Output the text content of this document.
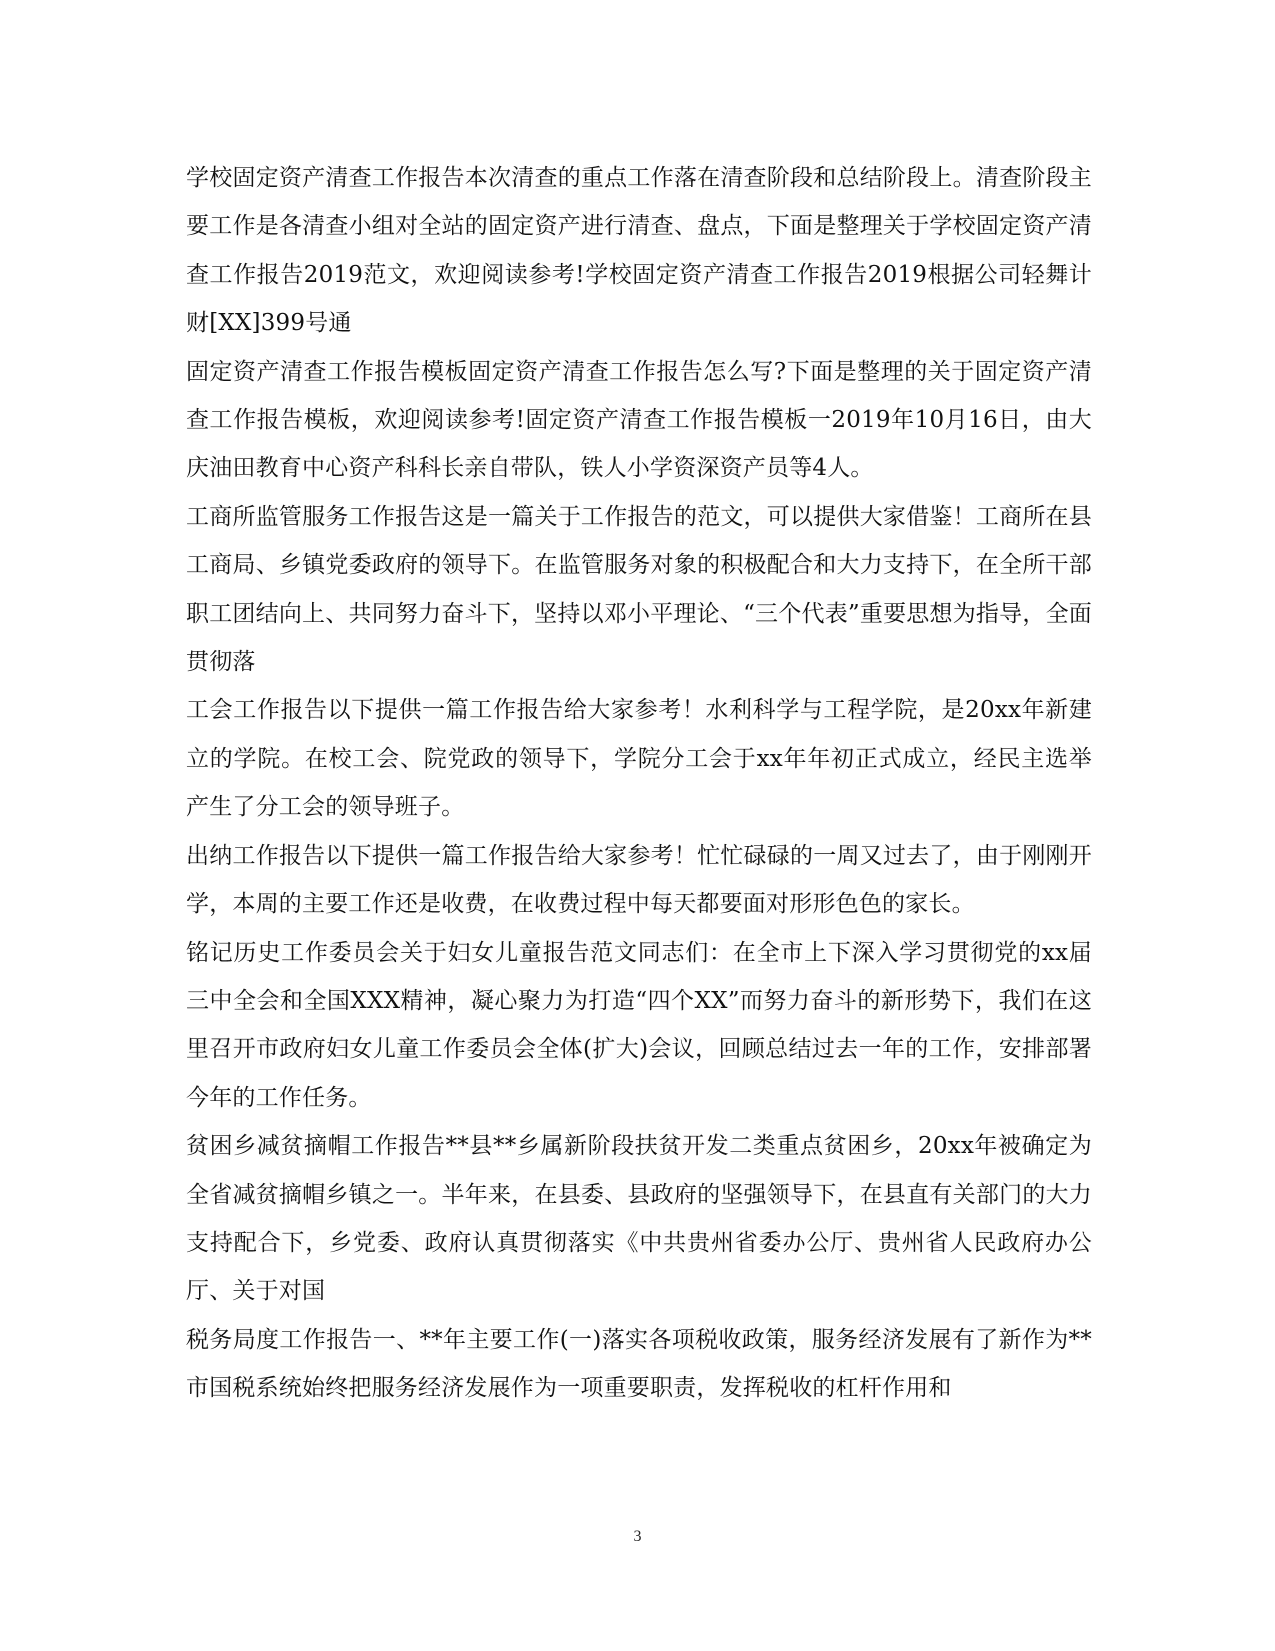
学校固定资产清查工作报告本次清查的重点工作落在清查阶段和总结阶段上。清查阶段主要工作是各清查小组对全站的固定资产进行清查、盘点，下面是整理关于学校固定资产清查工作报告2019范文，欢迎阅读参考!学校固定资产清查工作报告2019根据公司轻舞计财[XX]399号通

固定资产清查工作报告模板固定资产清查工作报告怎么写?下面是整理的关于固定资产清查工作报告模板，欢迎阅读参考!固定资产清查工作报告模板一2019年10月16日，由大庆油田教育中心资产科科长亲自带队，铁人小学资深资产员等4人。

工商所监管服务工作报告这是一篇关于工作报告的范文，可以提供大家借鉴！工商所在县工商局、乡镇党委政府的领导下。在监管服务对象的积极配合和大力支持下，在全所干部职工团结向上、共同努力奋斗下，坚持以邓小平理论、“三个代表”重要思想为指导，全面贯彻落

工会工作报告以下提供一篇工作报告给大家参考！水利科学与工程学院，是20xx年新建立的学院。在校工会、院党政的领导下，学院分工会于xx年年初正式成立，经民主选举产生了分工会的领导班子。

出纳工作报告以下提供一篇工作报告给大家参考！忙忙碌碌的一周又过去了，由于刚刚开学，本周的主要工作还是收费，在收费过程中每天都要面对形形色色的家长。

铭记历史工作委员会关于妇女儿童报告范文同志们：在全市上下深入学习贯彻党的xx届三中全会和全国XXX精神，凝心聚力为打造“四个XX”而努力奋斗的新形势下，我们在这里召开市政府妇女儿童工作委员会全体(扩大)会议，回顾总结过去一年的工作，安排部署今年的工作任务。

贫困乡减贫摘帽工作报告**县**乡属新阶段扶贫开发二类重点贫困乡，20xx年被确定为全省减贫摘帽乡镇之一。半年来，在县委、县政府的坚强领导下，在县直有关部门的大力支持配合下，乡党委、政府认真贯彻落实《中共贵州省委办公厅、贵州省人民政府办公厅、关于对国

税务局度工作报告一、**年主要工作(一)落实各项税收政策，服务经济发展有了新作为**市国税系统始终把服务经济发展作为一项重要职责，发挥税收的杠杆作用和

3
